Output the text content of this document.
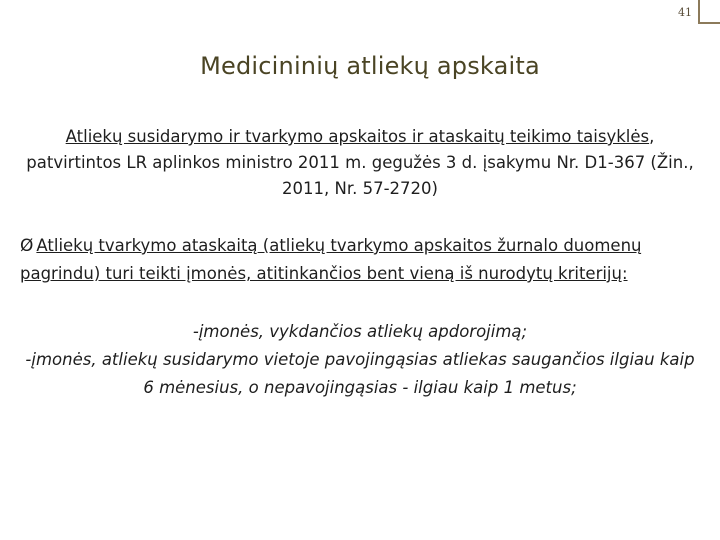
41
Medicininių atliekų apskaita
Atliekų susidarymo ir tvarkymo apskaitos ir ataskaitų teikimo taisyklės, patvirtintos LR aplinkos ministro 2011 m. gegužės 3 d. įsakymu Nr. D1-367 (Žin., 2011, Nr. 57-2720)
Ø Atliekų tvarkymo ataskaitą (atliekų tvarkymo apskaitos žurnalo duomenų pagrindu) turi teikti įmonės, atitinkančios bent vieną iš nurodytų kriterijų:
-įmonės, vykdančios atliekų apdorojimą;
-įmonės, atliekų susidarymo vietoje pavojingąsias atliekas saugančios ilgiau kaip 6 mėnesius, o nepavojingąsias - ilgiau kaip 1 metus;
